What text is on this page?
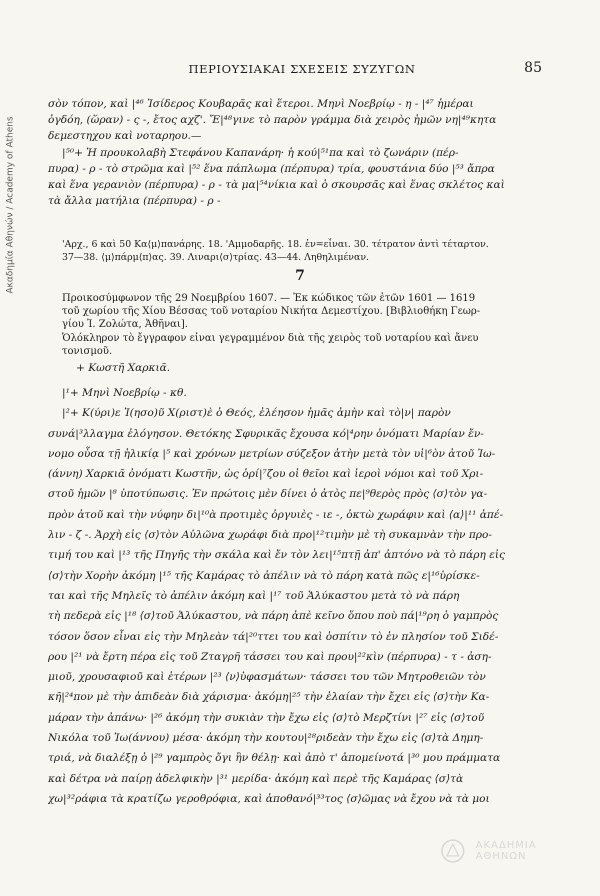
Ακαδημία Αθηνών / Academy of Athens
ΠΕΡΙΟΥΣΙΑΚΑΙ ΣΧΕΣΕΙΣ ΣΥΖΥΓΩΝ	85
σὸν τόπον, καὶ |⁴⁶ Ἰσίδερος Κουβαρᾶς καὶ ἕτεροι. Μηνὶ Νοεβρίῳ - η - |⁴⁷ ἡμέραι
ὀγδόη, (ὥραν) - ς -, ἔτος αχζ'. Ἔ|⁴⁸γινε τὸ παρὸν γράμμα διὰ χειρὸς ἡμῶν νη|⁴⁹κητα
δεμεστηχου καὶ νοταρηου.—
|⁵⁰+ Ἡ προυκολαβὴ Στεφάνου Καπανάρη· ἡ κού|⁵¹πα καὶ τὸ ζωνάριν (πέρ-
πυρα) - ρ - τὸ στρῶμα καὶ |⁵² ἕνα πάπλωμα (πέρπυρα) τρία, φουστάνια δύο |⁵³ ἄπρα
καὶ ἕνα γερανιὸν (πέρπυρα) - ρ - τὰ μα|⁵⁴νίκια καὶ ὁ σκουρσᾶς καὶ ἕνας σκλέτος καὶ
τὰ ἄλλα ματήλια (πέρπυρα) - ρ -
'Αρχ., 6 καὶ 50 Κα⟨μ⟩πανάρης. 18. 'Αμμοδαρῆς. 18. ἐν=εἶναι. 30. τέτρατον ἀντὶ τέταρτον.
37—38. ⟨μ⟩πάρμ⟨π⟩ας. 39. Λιναρι⟨σ⟩τρίας. 43—44. Ληθηλιμέναν.
7
Προικοσύμφωνον τῆς 29 Νοεμβρίου 1607. — Ἐκ κώδικος τῶν ἐτῶν 1601 — 1619
τοῦ χωρίου τῆς Χίου Βέσσας τοῦ νοταρίου Νικήτα Δεμεστίχου. [Βιβλιοθήκη Γεωρ-
γίου Ἰ. Ζολώτα, Ἀθῆναι].
Ὁλόκληρον τὸ ἔγγραφον εἶναι γεγραμμένον διὰ τῆς χειρὸς τοῦ νοταρίου καὶ ἄνευ
τονισμοῦ.
+ Κωστῆ Χαρκιᾶ.
|¹+ Μηνὶ Νοεβρίῳ - κθ.
|²+ Κ(ύρι)ε Ἰ(ησο)ῦ Χ(ριστ)ὲ ὁ Θεός, ἐλέησον ἡμᾶς ἀμὴν καὶ τὸ|ν| παρὸν
συνά|³λλαγμα ἐλόγησον. Θετόκης Σφυρικᾶς ἔχουσα κό|⁴ρην ὀνόματι Μαρίαν ἔν-
νομο οὖσα τῇ ἡλικίᾳ |⁵ καὶ χρόνων μετρίων σύζεξον ἀτὴν μετὰ τὸν υἱ|⁶ὸν ἀτοῦ Ἰω-
(άννη) Χαρκιᾶ ὀνόματι Κωστῆν, ὡς ὁρί|⁷ζου οἱ θεῖοι καὶ ἱεροὶ νόμοι καὶ τοῦ Χρι-
στοῦ ἡμῶν |⁸ ὑποτύπωσις. Ἐν πρώτοις μὲν δίνει ὁ ἀτὸς πε|⁹θερὸς πρὸς ⟨σ⟩τὸν γα-
πρὸν ἀτοῦ καὶ τὴν νύφην δι|¹⁰ὰ προτιμὲς ὀργυιὲς - ιε -, ὀκτὼ χωράφιν καὶ ⟨α⟩|¹¹ ἀπέ-
λιν - ζ -. Ἀρχὴ εἰς ⟨σ⟩τὸν Αὐλῶνα χωράφι διὰ προ|¹²τιμὴν μὲ τὴ συκαμνὰν τὴν προ-
τιμή του καὶ |¹³ τῆς Πηγῆς τὴν σκάλα καὶ ἔν τὸν λει|¹⁵πτῇ ἀπ' ἀπτόνο νὰ τὸ πάρη εἰς
⟨σ⟩τὴν Χορὴν ἀκόμη |¹⁵ τῆς Καμάρας τὸ ἀπέλιν νὰ τὸ πάρη κατὰ πῶς ε|¹⁶ὑρίσκε-
ται καὶ τῆς Μηλεῖς τὸ ἀπέλιν ἀκόμη καὶ |¹⁷ τοῦ Ἁλύκαστου μετὰ τὸ νὰ πάρη
τὴ πεδερὰ εἰς |¹⁸ ⟨σ⟩τοῦ Ἀλύκαστου, νὰ πάρη ἀπὲ κεῖνο ὅπου ποὺ πά|¹⁹ρη ὁ γαμπρὸς
τόσον ὅσον εἶναι εἰς τὴν Μηλεὰν τά|²⁰ττει του καὶ ὁσπίτιν τὸ ἐν πλησίον τοῦ Σιδέ-
ρου |²¹ νὰ ἔρτη πέρα εἰς τοῦ Ζταγρῆ τάσσει του καὶ πρου|²²κὶν (πέρπυρα) - τ - ἀση-
μιοῦ, χρουσαφιοῦ καὶ ἑτέρων |²³ ⟨ν⟩ὑφασμάτων· τάσσει του τῶν Μητροθειῶν τὸν
κῆ|²⁴πον μὲ τὴν ἀπιδεὰν διὰ χάρισμα· ἀκόμη|²⁵ τὴν ἐλαίαν τὴν ἔχει εἰς ⟨σ⟩τὴν Κα-
μάραν τὴν ἀπάνω· |²⁶ ἀκόμη τὴν συκιὰν τὴν ἔχω εἰς ⟨σ⟩τὸ Μερζτίνι |²⁷ εἰς ⟨σ⟩τοῦ
Νικόλα τοῦ Ἰω(άννου) μέσα· ἀκόμη τὴν κουτου|²⁸ριδεὰν τὴν ἔχω εἰς ⟨σ⟩τὰ Δημη-
τριά, νὰ διαλέξῃ ὁ |²⁹ γαμπρὸς ὄγι ἣν θέλῃ· καὶ ἀπὸ τ' ἀπομείνοτά |³⁰ μου πράμματα
καὶ δέτρα νὰ παίρῃ ἀδελφικὴν |³¹ μερίδα· ἀκόμη καὶ περὲ τῆς Καμάρας ⟨σ⟩τὰ
χω|³²ράφια τὰ κρατίζω γεροθρόφια, καὶ ἀποθανό|³³τος ⟨σ⟩ῶμας νὰ ἔχου νὰ τὰ μοι
ΑΚΑΔΗΜΙΑ ΑΘΗΝΩΝ
